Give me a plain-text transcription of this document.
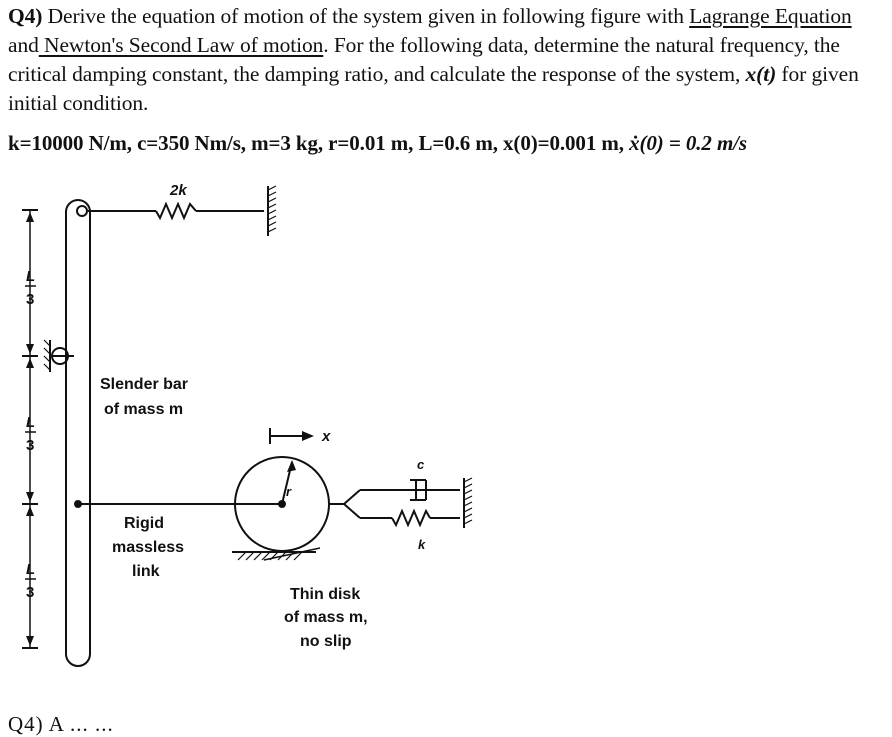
Q4) Derive the equation of motion of the system given in following figure with Lagrange Equation and Newton's Second Law of motion. For the following data, determine the natural frequency, the critical damping constant, the damping ratio, and calculate the response of the system, x(t) for given initial condition.
k=10000 N/m, c=350 Nm/s, m=3 kg, r=0.01 m, L=0.6 m, x(0)=0.001 m, ẋ(0) = 0.2 m/s
L
3
L
3
L
3
2k
Slender bar
of mass m
Rigid
massless
link
x
r
c
k
Thin disk
of mass m,
no slip
Q4) A ... ...
